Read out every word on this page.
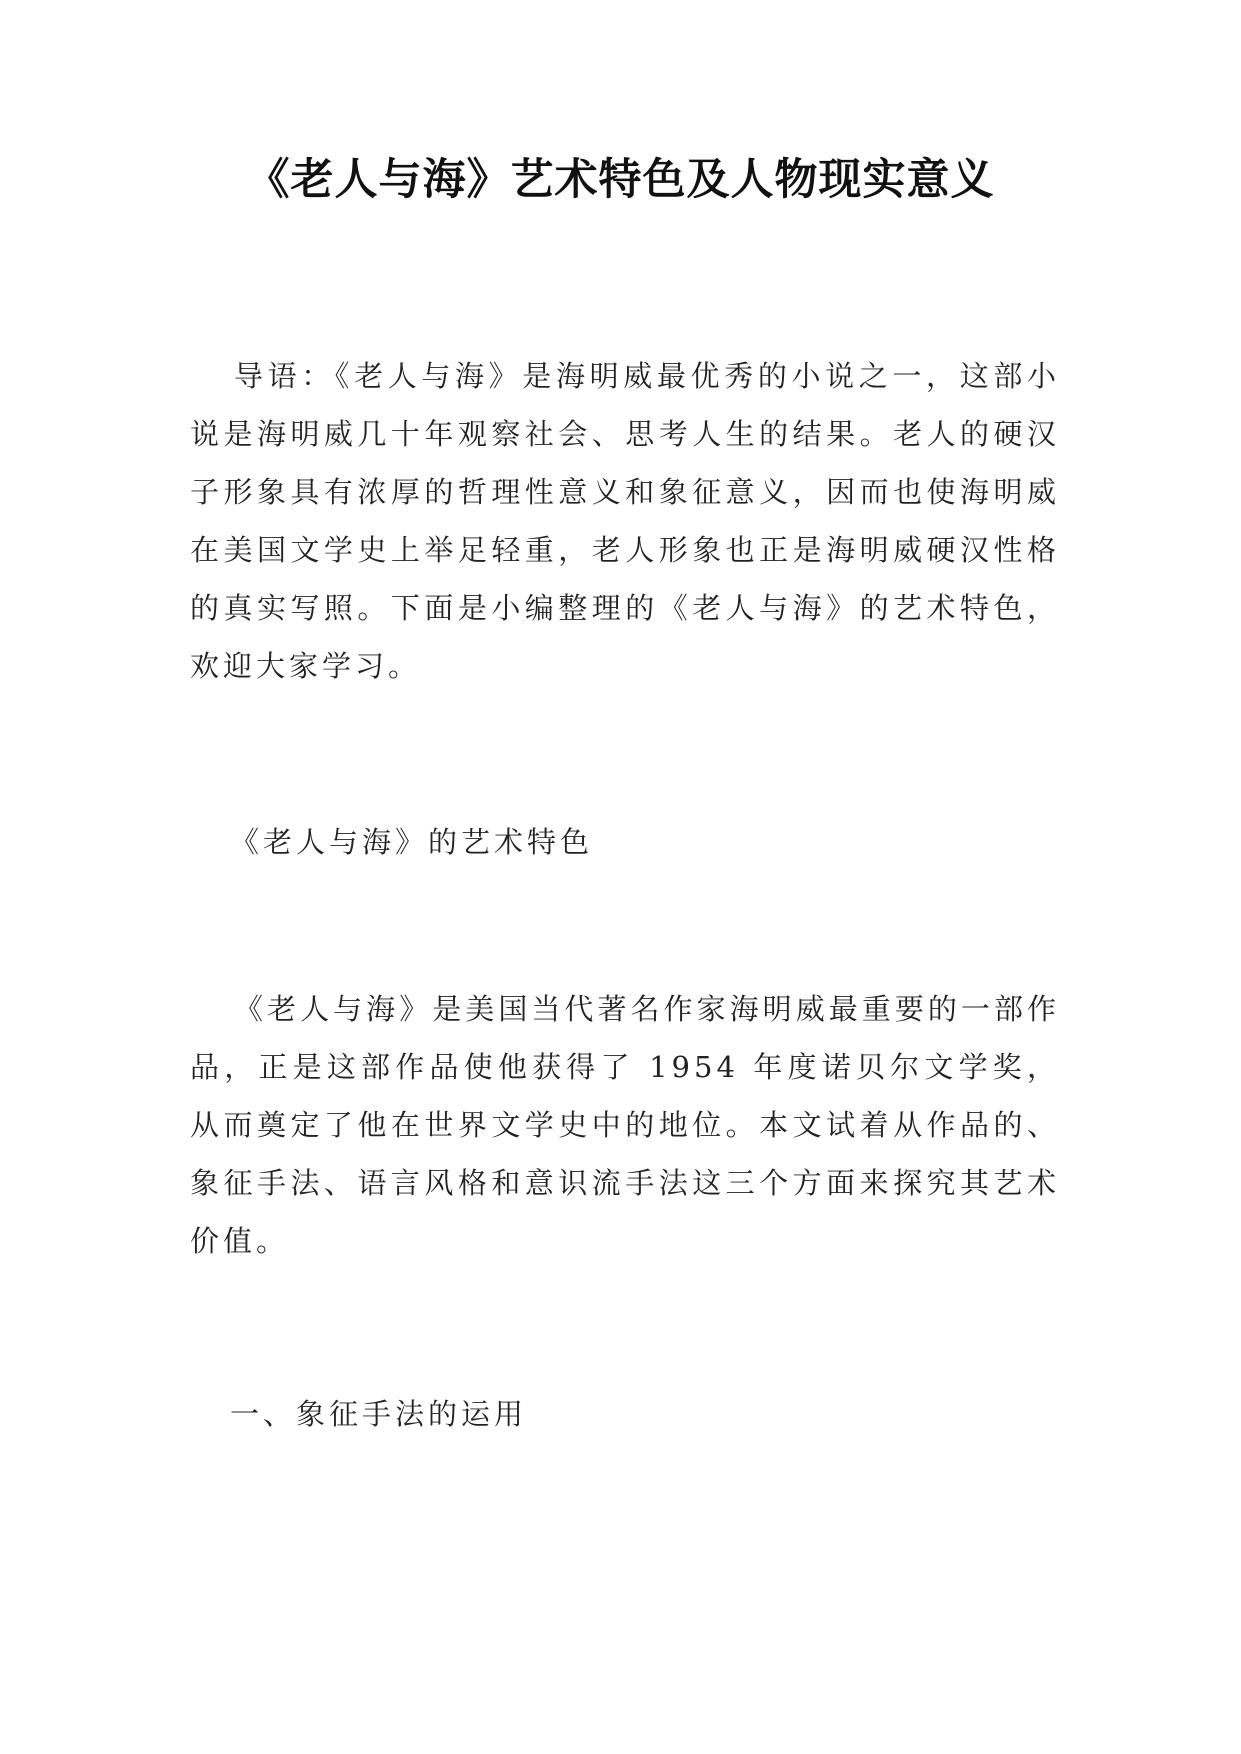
《老人与海》艺术特色及人物现实意义

导语：《老人与海》是海明威最优秀的小说之一，这部小说是海明威几十年观察社会、思考人生的结果。老人的硬汉子形象具有浓厚的哲理性意义和象征意义，因而也使海明威在美国文学史上举足轻重，老人形象也正是海明威硬汉性格的真实写照。下面是小编整理的《老人与海》的艺术特色，欢迎大家学习。

《老人与海》的艺术特色

《老人与海》是美国当代著名作家海明威最重要的一部作品，正是这部作品使他获得了 1954 年度诺贝尔文学奖，从而奠定了他在世界文学史中的地位。本文试着从作品的、象征手法、语言风格和意识流手法这三个方面来探究其艺术价值。

一、象征手法的运用
